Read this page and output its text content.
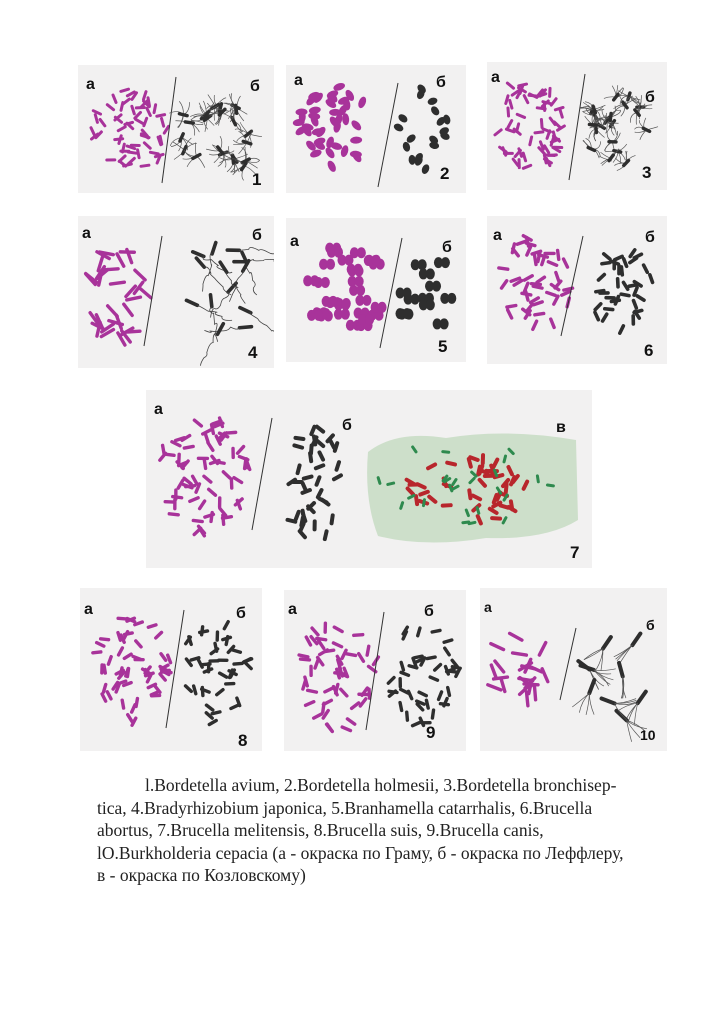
а	б
1
а	б
2
а
б
3
а	б
4
а	б
5
а	б
6
а
б	в
7
а	б
8
а	б
9
а
б
10
l.Bordetella avium, 2.Bordetella holmesii, 3.Bordetella bronchisep-
tica, 4.Bradyrhizobium japonica, 5.Branhamella catarrhalis, 6.Brucella
abortus, 7.Brucella melitensis, 8.Brucella suis, 9.Brucella canis,
lO.Burkholderia cepacia (а - окраска по Граму, б - окраска по Леффлеру,
в - окраска по Козловскому)
